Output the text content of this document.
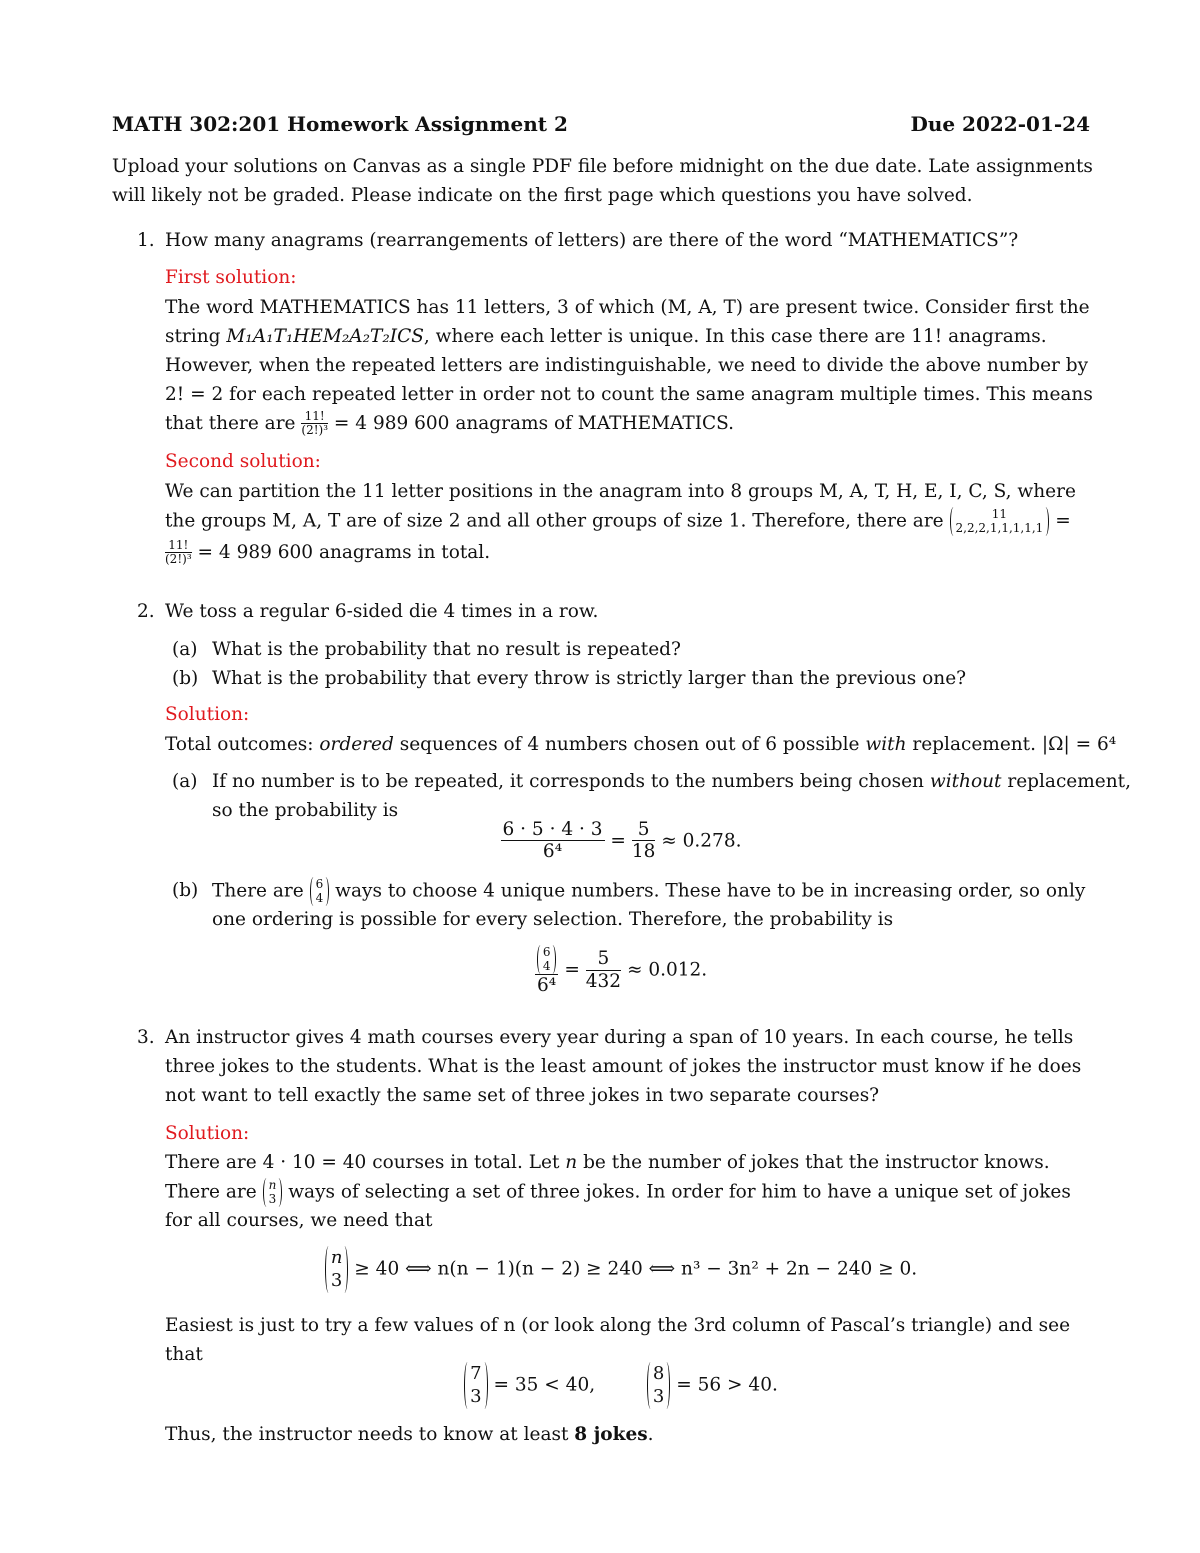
MATH 302:201 Homework Assignment 2	Due 2022-01-24
Upload your solutions on Canvas as a single PDF file before midnight on the due date. Late assignments
will likely not be graded. Please indicate on the first page which questions you have solved.
1. How many anagrams (rearrangements of letters) are there of the word “MATHEMATICS”?
First solution:
The word MATHEMATICS has 11 letters, 3 of which (M, A, T) are present twice. Consider first the
string M₁A₁T₁HEM₂A₂T₂ICS, where each letter is unique. In this case there are 11! anagrams.
However, when the repeated letters are indistinguishable, we need to divide the above number by
2! = 2 for each repeated letter in order not to count the same anagram multiple times. This means
that there are $\frac{11!}{\text{(2!)³}} = 4$ 989 600 anagrams of MATHEMATICS.
Second solution:
We can partition the 11 letter positions in the anagram into 8 groups M, A, T, H, E, I, C, S, where
the groups M, A, T are of size 2 and all other groups of size 1. Therefore, there are	11
2,2,2,1,1,1,1,1 =
$\frac{11!}{\text{(2!)³}} = 4$ 989 600 anagrams in total.
2. We toss a regular 6-sided die 4 times in a row.
(a) What is the probability that no result is repeated?
(b) What is the probability that every throw is strictly larger than the previous one?
Solution:
Total outcomes: ordered sequences of 4 numbers chosen out of 6 possible with replacement. |Ω| = 6⁴
(a) If no number is to be repeated, it corresponds to the numbers being chosen without replacement,
so the probability is
$\frac{6 \cdot 5 \cdot 4 \cdot 3}{\text{6⁴}} = \frac{5}{18} \approx 0.278$.
(b) There are 6
4 ways to choose 4 unique numbers. These have to be in increasing order, so only
one ordering is possible for every selection. Therefore, the probability is
6
4
$6^4 = \frac{5}{432} \approx 0.012$.
3. An instructor gives 4 math courses every year during a span of 10 years. In each course, he tells
three jokes to the students. What is the least amount of jokes the instructor must know if he does
not want to tell exactly the same set of three jokes in two separate courses?
Solution:
There are 4 · 10 = 40 courses in total. Let n be the number of jokes that the instructor knows.
There are n
3 ways of selecting a set of three jokes. In order for him to have a unique set of jokes
for all courses, we need that
n
3
≥ 40 ⟺ n(n − 1)(n − 2) ≥ 240 ⟺ n³ − 3n² + 2n − 240 ≥ 0.
Easiest is just to try a few values of n (or look along the 3rd column of Pascal’s triangle) and see
that
7
3
= 35 < 40,
8
3
= 56 > 40.
Thus, the instructor needs to know at least 8 jokes.
